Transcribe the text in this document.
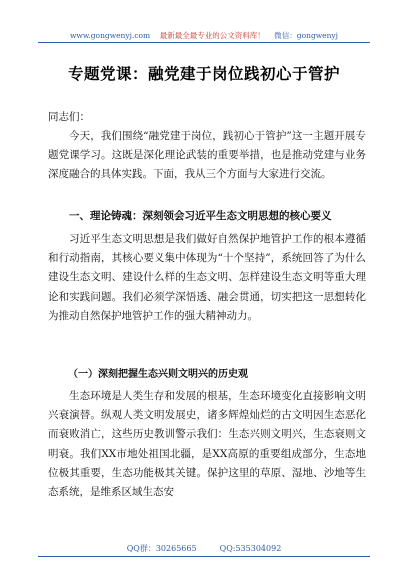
www.gongwenyj.com 最新最全最专业的公文资料库！ 微信：gongwenyj
专题党课：融党建于岗位践初心于管护
同志们：

今天，我们围绕“融党建于岗位，践初心于管护”这一主题开展专题党课学习。这既是深化理论武装的重要举措，也是推动党建与业务深度融合的具体实践。下面，我从三个方面与大家进行交流。

一、理论铸魂：深刻领会习近平生态文明思想的核心要义

习近平生态文明思想是我们做好自然保护地管护工作的根本遵循和行动指南，其核心要义集中体现为“十个坚持”，系统回答了为什么建设生态文明、建设什么样的生态文明、怎样建设生态文明等重大理论和实践问题。我们必须学深悟透、融会贯通，切实把这一思想转化为推动自然保护地管护工作的强大精神动力。

（一）深刻把握生态兴则文明兴的历史观

生态环境是人类生存和发展的根基，生态环境变化直接影响文明兴衰演替。纵观人类文明发展史，诸多辉煌灿烂的古文明因生态恶化而衰败消亡，这些历史教训警示我们：生态兴则文明兴，生态衰则文明衰。我们XX市地处祖国北疆，是XX高原的重要组成部分，生态地位极其重要，生态功能极其关键。保护这里的草原、湿地、沙地等生态系统，是维系区域生态安

QQ群：30265665	QQ:535304092
